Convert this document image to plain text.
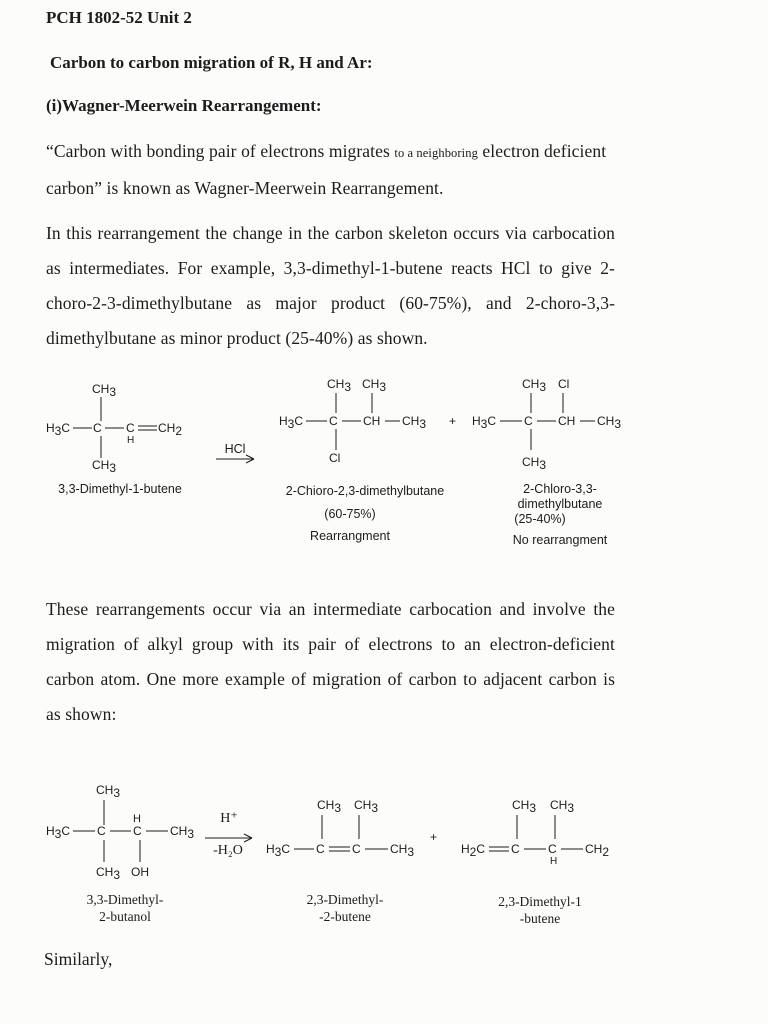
PCH 1802-52 Unit 2
Carbon to carbon migration of R, H and Ar:
(i)Wagner-Meerwein Rearrangement:
“Carbon with bonding pair of electrons migrates to a neighboring electron deficient
carbon” is known as Wagner-Meerwein Rearrangement.
In this rearrangement the change in the carbon skeleton occurs via carbocation
as intermediates. For example, 3,3-dimethyl-1-butene reacts HCl to give 2-
choro-2-3-dimethylbutane as major product (60-75%), and 2-choro-3,3-
dimethylbutane as minor product (25-40%) as shown.
CH3
H3C C C
H
CH2
CH3
CH3 CH3
H3C C CH CH3
Cl
+
CH3 Cl
H3C C CH CH3
CH3
HCl
3,3-Dimethyl-1-butene	2-Chioro-2,3-dimethylbutane
(60-75%)
Rearrangment
2-Chloro-3,3-
dimethylbutane
(25-40%)
No rearrangment
These rearrangements occur via an intermediate carbocation and involve the
migration of alkyl group with its pair of electrons to an electron-deficient
carbon atom. One more example of migration of carbon to adjacent carbon is
as shown:
CH3
H
H3C C C CH3
CH3 OH
CH3 CH3
H3C C C CH3
+
CH3 CH3
H2C C C
H
CH2
H⁺
-H₂O
3,3-Dimethyl-
2-butanol
2,3-Dimethyl-
-2-butene
2,3-Dimethyl-1
-butene
Similarly,
